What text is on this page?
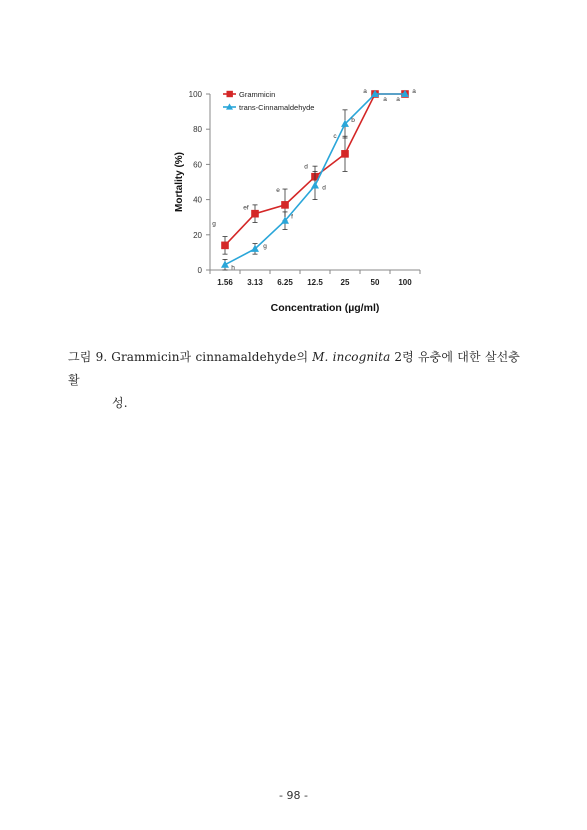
0
20
40
60
80
100
1.56 3.13 6.25 12.5 25	50 100
Concentration (µg/ml)
Mortality (%)
g
ef
e
d
c
a	a
h
g
f
d
b
a a
Grammicin
trans-Cinnamaldehyde
그림 9. Grammicin과 cinnamaldehyde의 M. incognita 2령 유충에 대한 살선충활
성.
- 98 -
